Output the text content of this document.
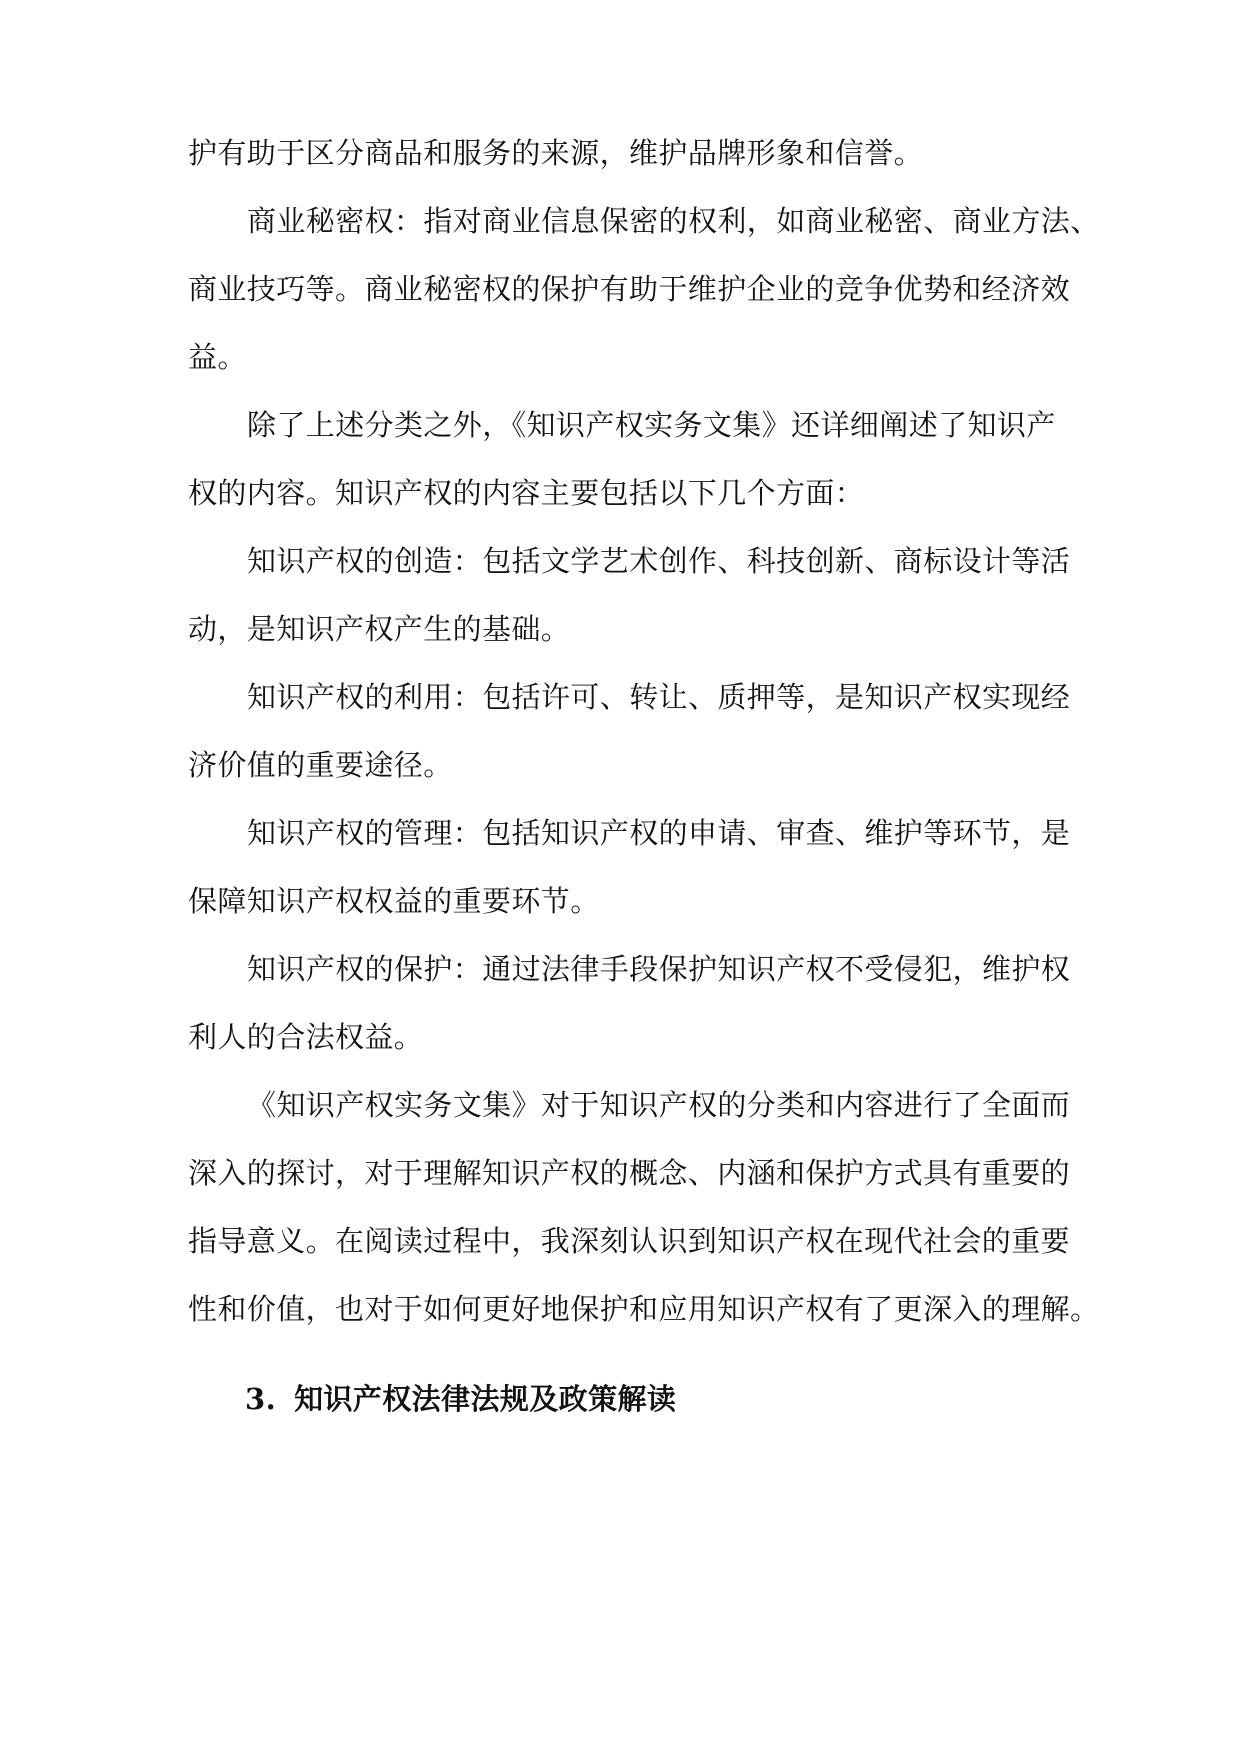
护有助于区分商品和服务的来源，维护品牌形象和信誉。
商业秘密权：指对商业信息保密的权利，如商业秘密、商业方法、
商业技巧等。商业秘密权的保护有助于维护企业的竞争优势和经济效
益。
除了上述分类之外，《知识产权实务文集》还详细阐述了知识产
权的内容。知识产权的内容主要包括以下几个方面：
知识产权的创造：包括文学艺术创作、科技创新、商标设计等活
动，是知识产权产生的基础。
知识产权的利用：包括许可、转让、质押等，是知识产权实现经
济价值的重要途径。
知识产权的管理：包括知识产权的申请、审查、维护等环节，是
保障知识产权权益的重要环节。
知识产权的保护：通过法律手段保护知识产权不受侵犯，维护权
利人的合法权益。
《知识产权实务文集》对于知识产权的分类和内容进行了全面而
深入的探讨，对于理解知识产权的概念、内涵和保护方式具有重要的
指导意义。在阅读过程中，我深刻认识到知识产权在现代社会的重要
性和价值，也对于如何更好地保护和应用知识产权有了更深入的理解。
3. 知识产权法律法规及政策解读
